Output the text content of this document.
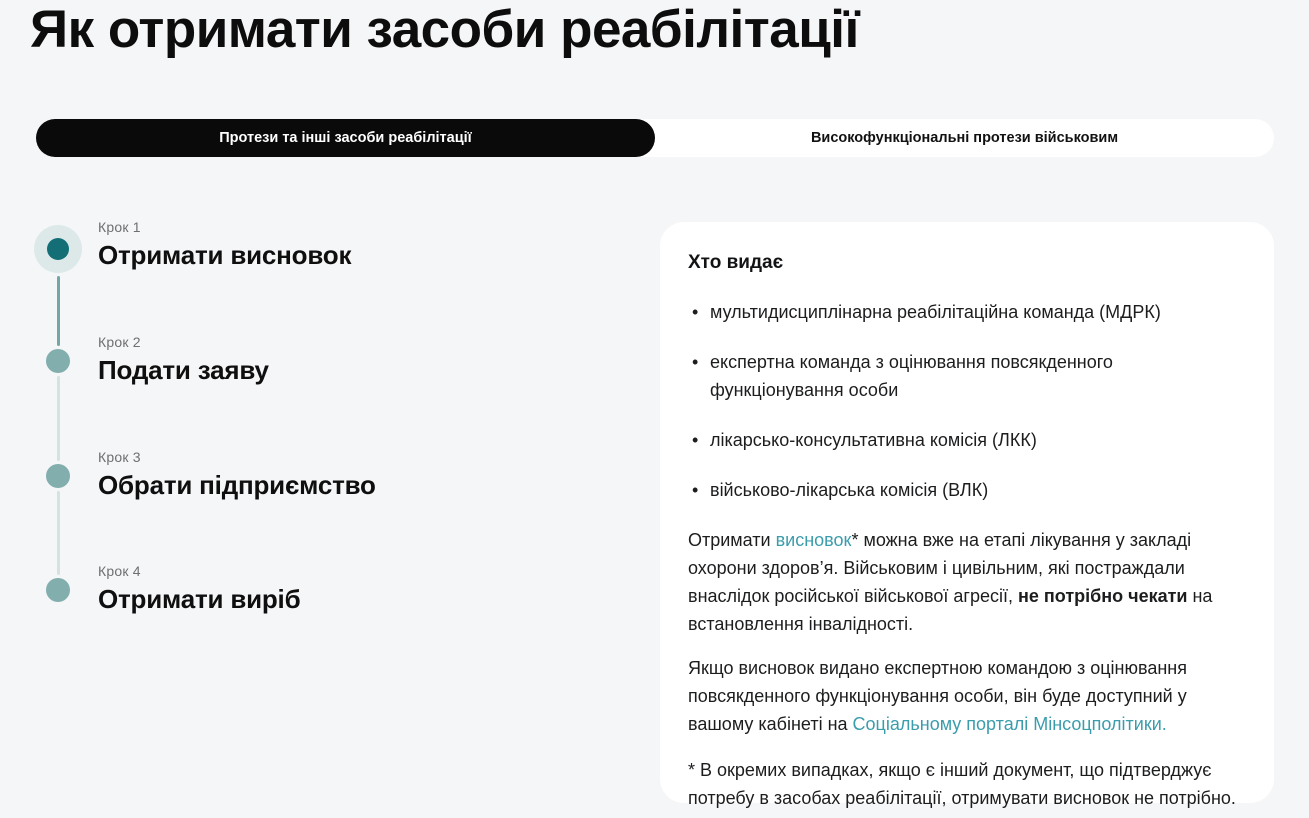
Як отримати засоби реабілітації
Протези та інші засоби реабілітації	Високофункціональні протези військовим
Крок 1
Отримати висновок
Крок 2
Подати заяву
Крок 3
Обрати підприємство
Крок 4
Отримати виріб
Хто видає
• мультидисциплінарна реабілітаційна команда (МДРК)
• експертна команда з оцінювання повсякденного функціонування особи
• лікарсько-консультативна комісія (ЛКК)
• військово-лікарська комісія (ВЛК)

Отримати висновок* можна вже на етапі лікування у закладі охорони здоров’я. Військовим і цивільним, які постраждали внаслідок російської військової агресії, не потрібно чекати на встановлення інвалідності.

Якщо висновок видано експертною командою з оцінювання повсякденного функціонування особи, він буде доступний у вашому кабінеті на Соціальному порталі Мінсоцполітики.

* В окремих випадках, якщо є інший документ, що підтверджує потребу в засобах реабілітації, отримувати висновок не потрібно.
